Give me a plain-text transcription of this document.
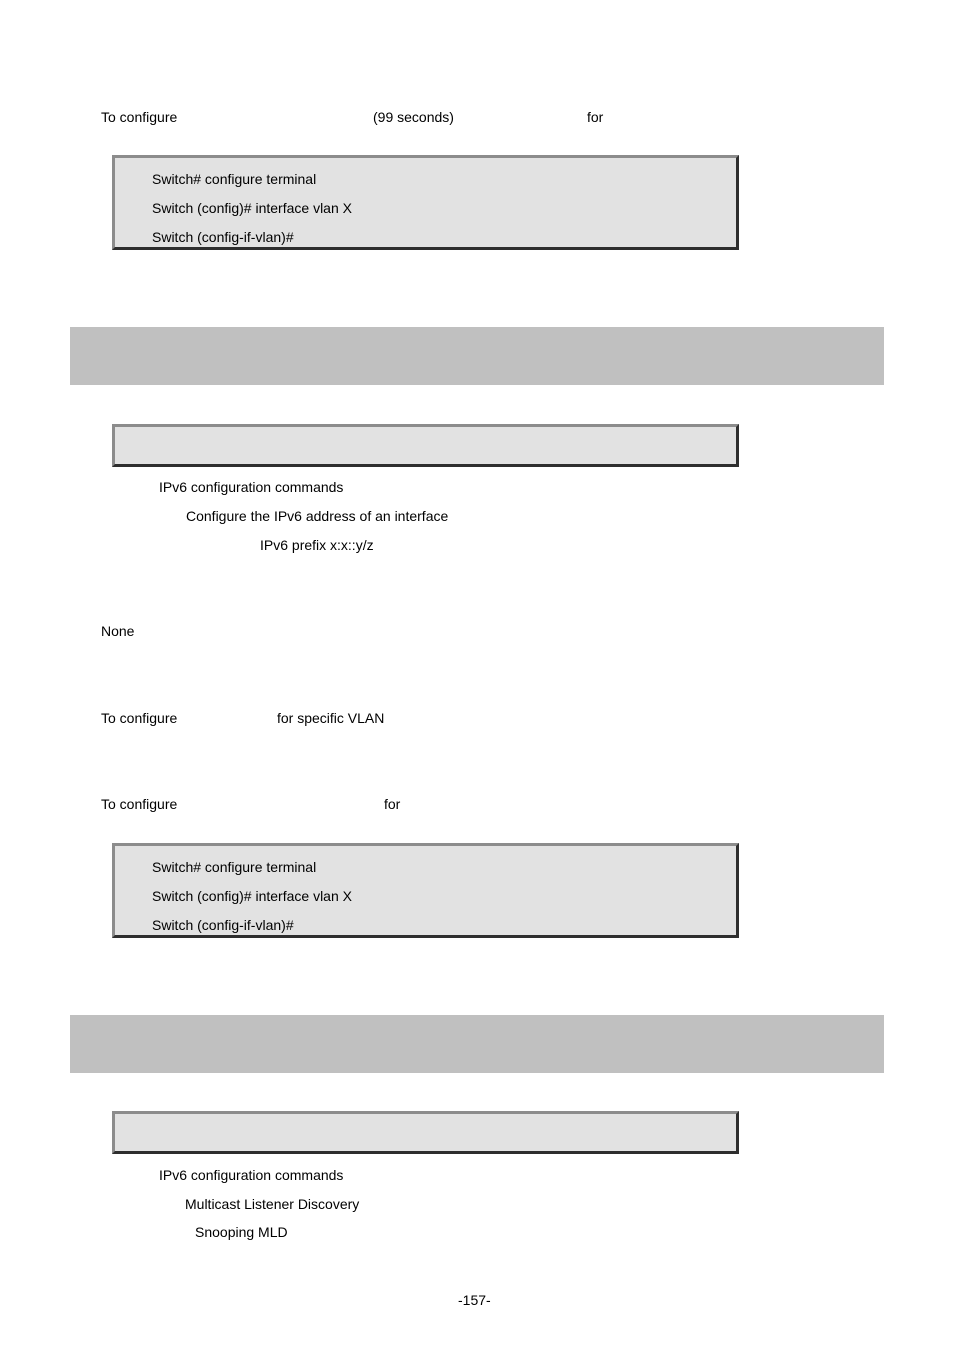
To configure	(99 seconds)	for
Switch# configure terminal
Switch (config)# interface vlan X
Switch (config-if-vlan)#
IPv6 configuration commands
Configure the IPv6 address of an interface
IPv6 prefix x:x::y/z
None
To configure	for specific VLAN
To configure	for
Switch# configure terminal
Switch (config)# interface vlan X
Switch (config-if-vlan)#
IPv6 configuration commands
Multicast Listener Discovery
Snooping MLD
-157-
